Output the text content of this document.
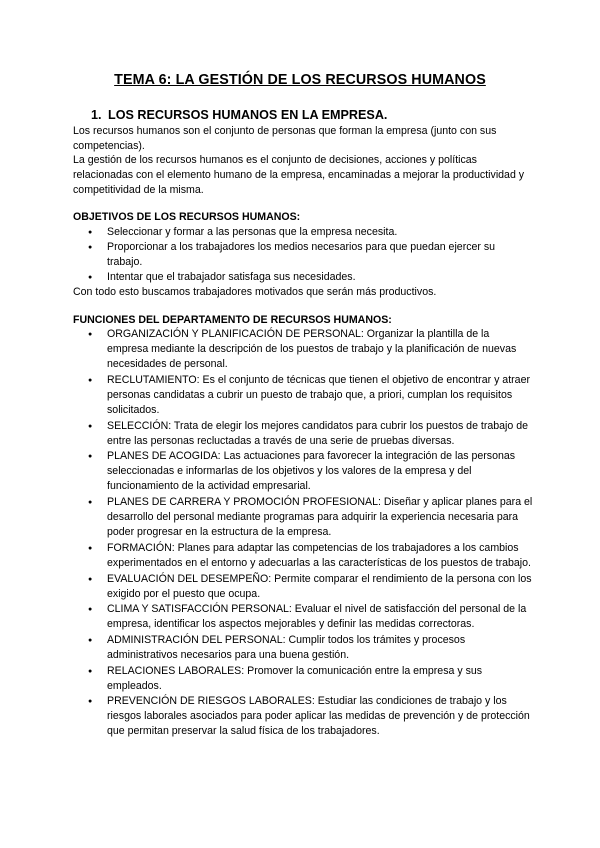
TEMA 6: LA GESTIÓN DE LOS RECURSOS HUMANOS
1. LOS RECURSOS HUMANOS EN LA EMPRESA.

Los recursos humanos son el conjunto de personas que forman la empresa (junto con sus competencias).

La gestión de los recursos humanos es el conjunto de decisiones, acciones y políticas relacionadas con el elemento humano de la empresa, encaminadas a mejorar la productividad y competitividad de la misma.

OBJETIVOS DE LOS RECURSOS HUMANOS:
● Seleccionar y formar a las personas que la empresa necesita.
● Proporcionar a los trabajadores los medios necesarios para que puedan ejercer su trabajo.
● Intentar que el trabajador satisfaga sus necesidades.

Con todo esto buscamos trabajadores motivados que serán más productivos.

FUNCIONES DEL DEPARTAMENTO DE RECURSOS HUMANOS:
● ORGANIZACIÓN Y PLANIFICACIÓN DE PERSONAL: Organizar la plantilla de la empresa mediante la descripción de los puestos de trabajo y la planificación de nuevas necesidades de personal.
● RECLUTAMIENTO: Es el conjunto de técnicas que tienen el objetivo de encontrar y atraer personas candidatas a cubrir un puesto de trabajo que, a priori, cumplan los requisitos solicitados.
● SELECCIÓN: Trata de elegir los mejores candidatos para cubrir los puestos de trabajo de entre las personas recluctadas a través de una serie de pruebas diversas.
● PLANES DE ACOGIDA: Las actuaciones para favorecer la integración de las personas seleccionadas e informarlas de los objetivos y los valores de la empresa y del funcionamiento de la actividad empresarial.
● PLANES DE CARRERA Y PROMOCIÓN PROFESIONAL: Diseñar y aplicar planes para el desarrollo del personal mediante programas para adquirir la experiencia necesaria para poder progresar en la estructura de la empresa.
● FORMACIÓN: Planes para adaptar las competencias de los trabajadores a los cambios experimentados en el entorno y adecuarlas a las características de los puestos de trabajo.
● EVALUACIÓN DEL DESEMPEÑO: Permite comparar el rendimiento de la persona con los exigido por el puesto que ocupa.
● CLIMA Y SATISFACCIÓN PERSONAL: Evaluar el nivel de satisfacción del personal de la empresa, identificar los aspectos mejorables y definir las medidas correctoras.
● ADMINISTRACIÓN DEL PERSONAL: Cumplir todos los trámites y procesos administrativos necesarios para una buena gestión.
● RELACIONES LABORALES: Promover la comunicación entre la empresa y sus empleados.
● PREVENCIÓN DE RIESGOS LABORALES: Estudiar las condiciones de trabajo y los riesgos laborales asociados para poder aplicar las medidas de prevención y de protección que permitan preservar la salud física de los trabajadores.
